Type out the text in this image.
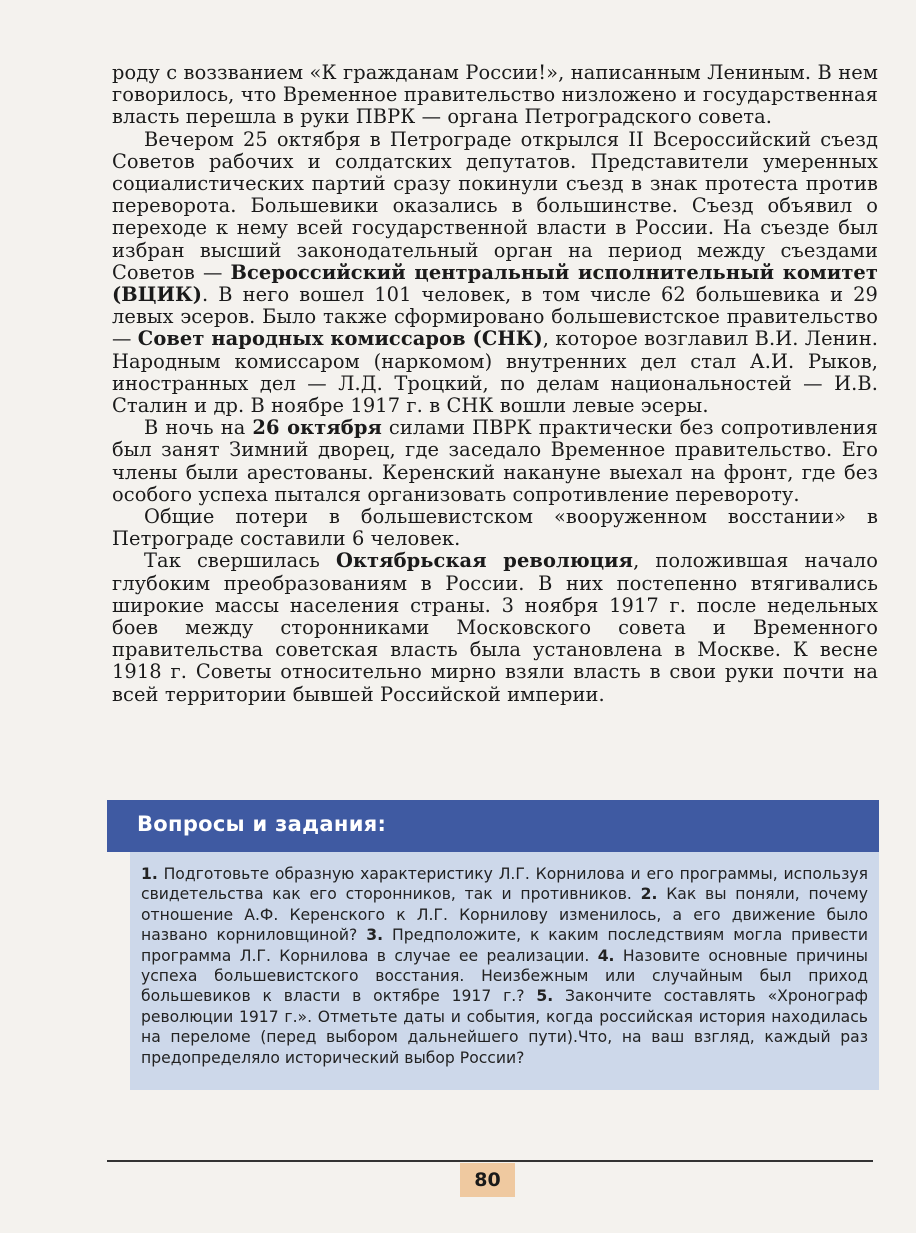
роду с воззванием «К гражданам России!», написанным Лениным. В нем говорилось, что Временное правительство низложено и государственная власть перешла в руки ПВРК — органа Петроградского совета.

Вечером 25 октября в Петрограде открылся II Всероссийский съезд Советов рабочих и солдатских депутатов. Представители умеренных социалистических партий сразу покинули съезд в знак протеста против переворота. Большевики оказались в большинстве. Съезд объявил о переходе к нему всей государственной власти в России. На съезде был избран высший законодательный орган на период между съездами Советов — Всероссийский центральный исполнительный комитет (ВЦИК). В него вошел 101 человек, в том числе 62 большевика и 29 левых эсеров. Было также сформировано большевистское правительство — Совет народных комиссаров (СНК), которое возглавил В.И. Ленин. Народным комиссаром (наркомом) внутренних дел стал А.И. Рыков, иностранных дел — Л.Д. Троцкий, по делам национальностей — И.В. Сталин и др. В ноябре 1917 г. в СНК вошли левые эсеры.

В ночь на 26 октября силами ПВРК практически без сопротивления был занят Зимний дворец, где заседало Временное правительство. Его члены были арестованы. Керенский накануне выехал на фронт, где без особого успеха пытался организовать сопротивление перевороту.

Общие потери в большевистском «вооруженном восстании» в Петрограде составили 6 человек.

Так свершилась Октябрьская революция, положившая начало глубоким преобразованиям в России. В них постепенно втягивались широкие массы населения страны. 3 ноября 1917 г. после недельных боев между сторонниками Московского совета и Временного правительства советская власть была установлена в Москве. К весне 1918 г. Советы относительно мирно взяли власть в свои руки почти на всей территории бывшей Российской империи.

Вопросы и задания:
1. Подготовьте образную характеристику Л.Г. Корнилова и его программы, используя свидетельства как его сторонников, так и противников. 2. Как вы поняли, почему отношение А.Ф. Керенского к Л.Г. Корнилову изменилось, а его движение было названо корниловщиной? 3. Предположите, к каким последствиям могла привести программа Л.Г. Корнилова в случае ее реализации. 4. Назовите основные причины успеха большевистского восстания. Неизбежным или случайным был приход большевиков к власти в октябре 1917 г.? 5. Закончите составлять «Хронограф революции 1917 г.». Отметьте даты и события, когда российская история находилась на переломе (перед выбором дальнейшего пути).Что, на ваш взгляд, каждый раз предопределяло исторический выбор России?
80
